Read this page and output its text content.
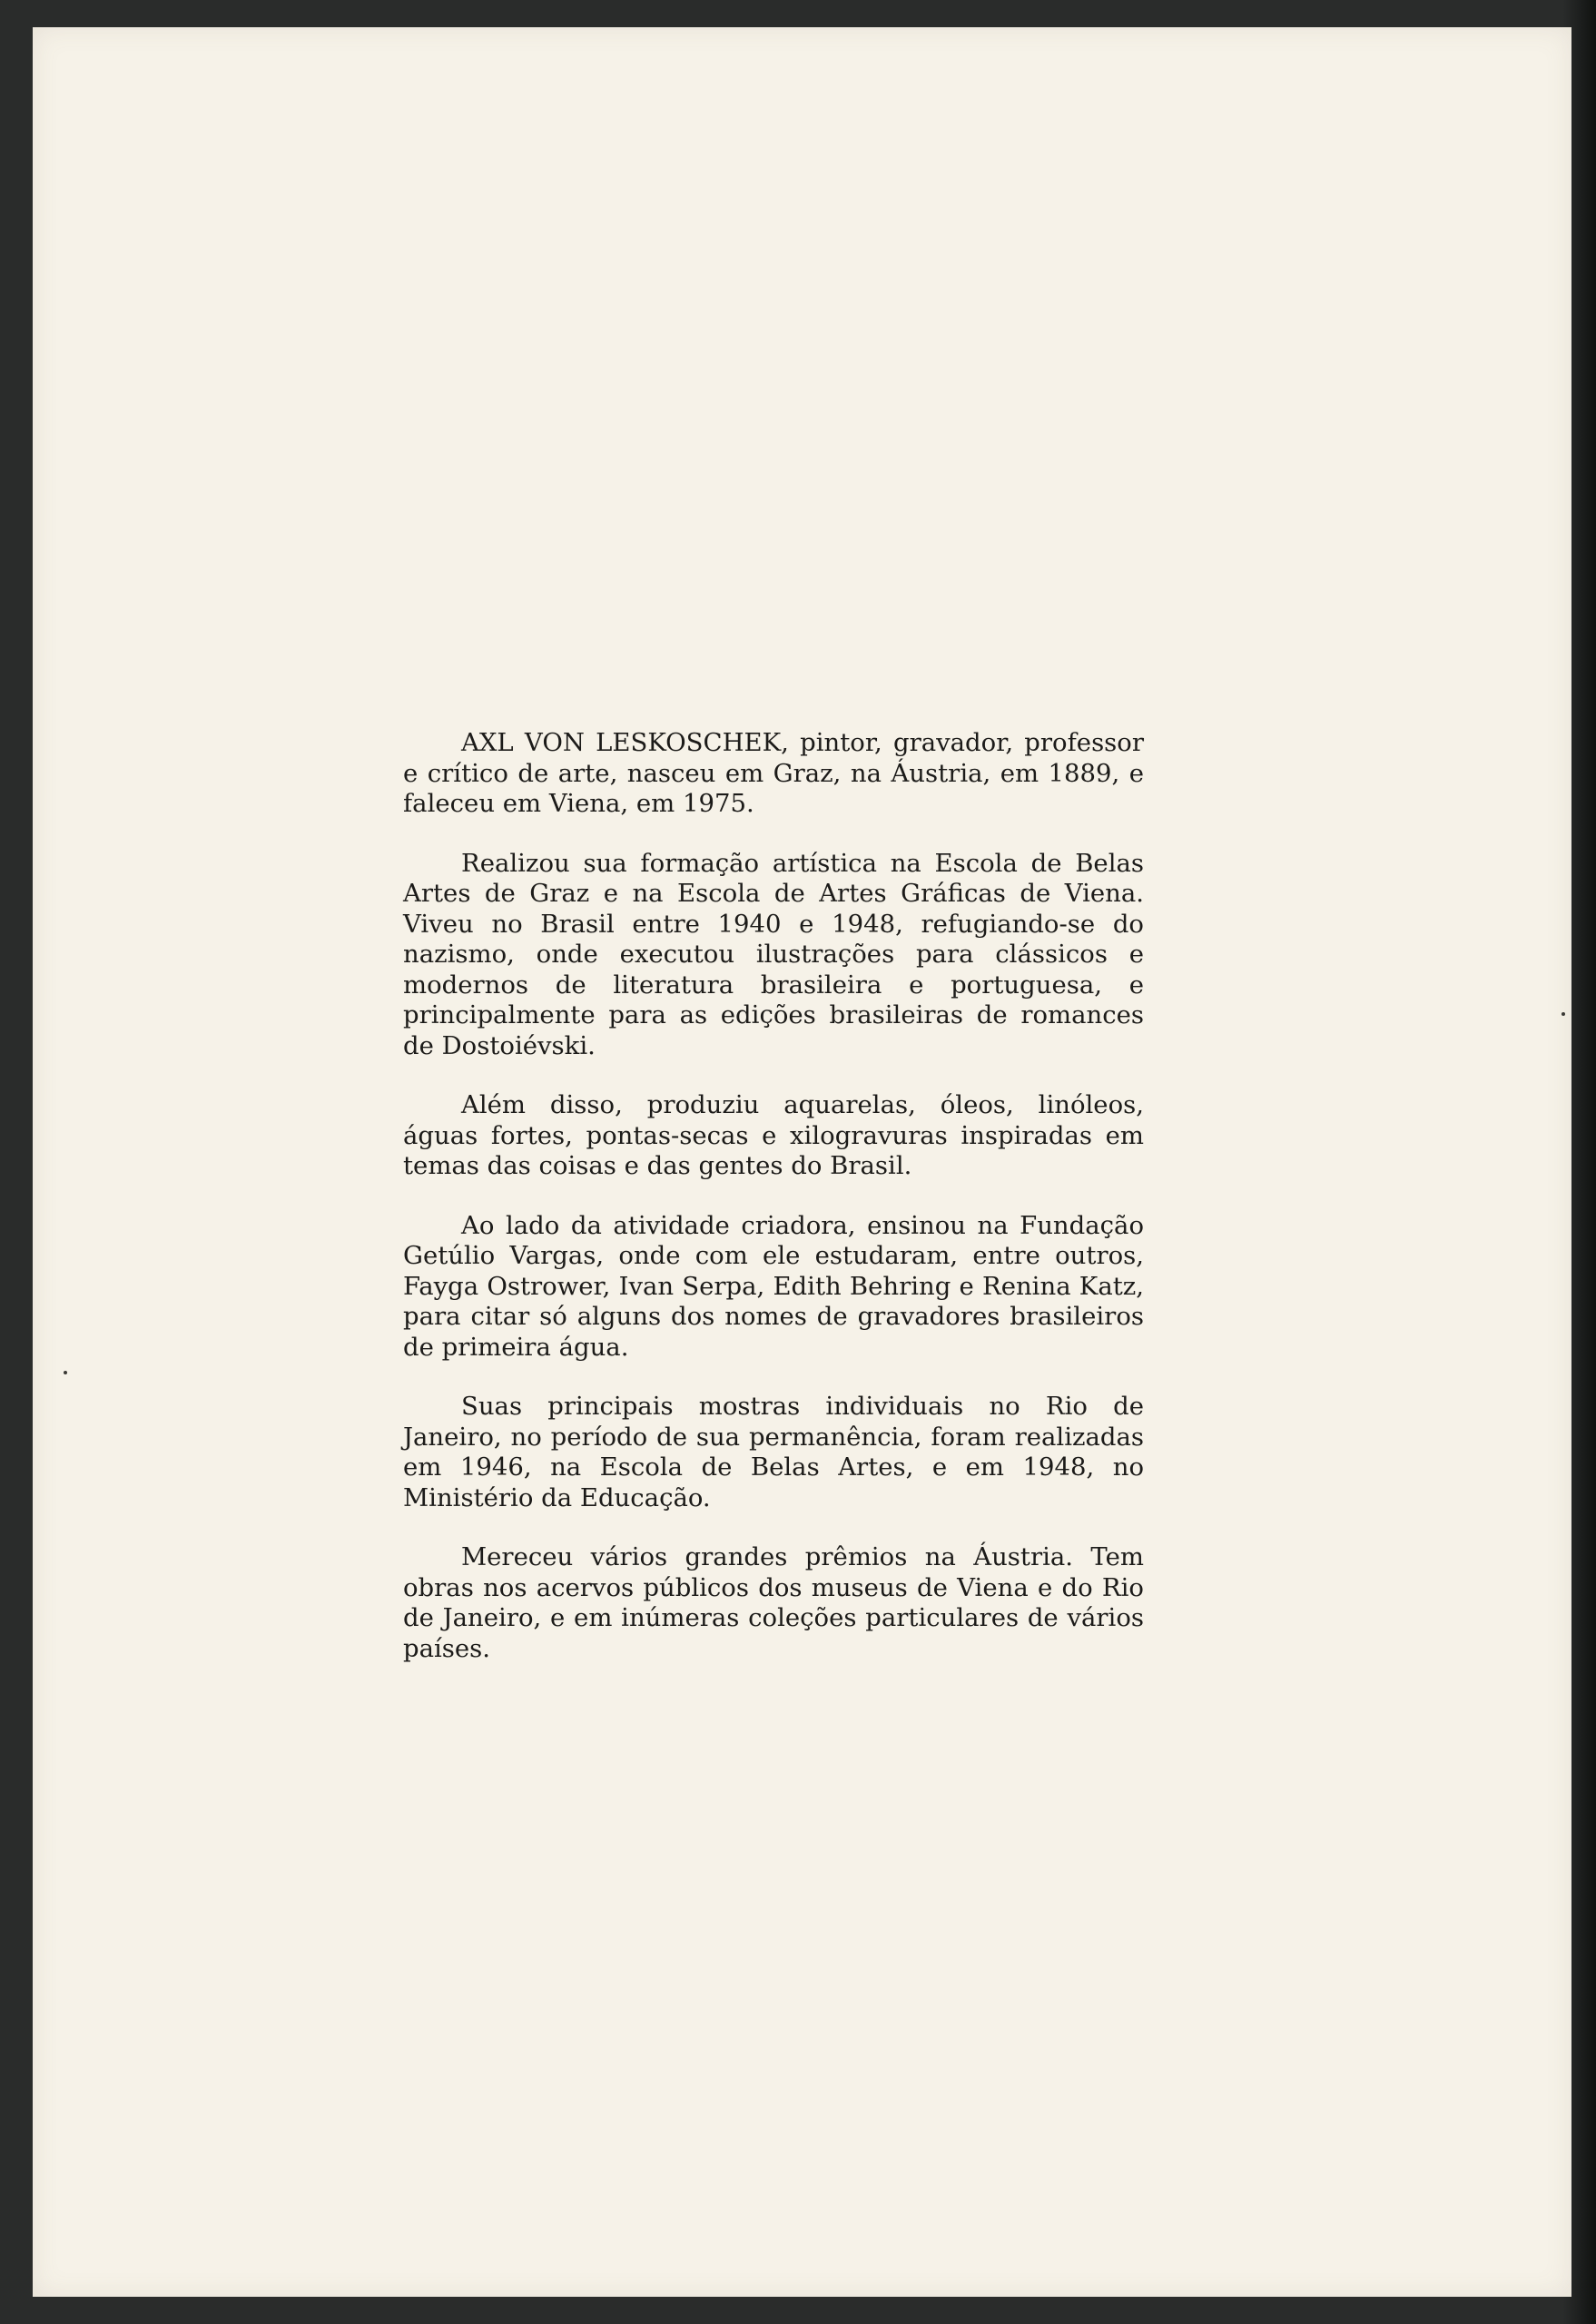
AXL VON LESKOSCHEK, pintor, gravador, professor e crítico de arte, nasceu em Graz, na Áustria, em 1889, e faleceu em Viena, em 1975.

Realizou sua formação artística na Escola de Belas Artes de Graz e na Escola de Artes Gráficas de Viena. Viveu no Brasil entre 1940 e 1948, refugiando-se do nazismo, onde executou ilustrações para clássicos e modernos de literatura brasileira e portuguesa, e principalmente para as edições brasileiras de romances de Dostoiévski.

Além disso, produziu aquarelas, óleos, linóleos, águas fortes, pontas-secas e xilogravuras inspiradas em temas das coisas e das gentes do Brasil.

Ao lado da atividade criadora, ensinou na Fundação Getúlio Vargas, onde com ele estudaram, entre outros, Fayga Ostrower, Ivan Serpa, Edith Behring e Renina Katz, para citar só alguns dos nomes de gravadores brasileiros de primeira água.

Suas principais mostras individuais no Rio de Janeiro, no período de sua permanência, foram realizadas em 1946, na Escola de Belas Artes, e em 1948, no Ministério da Educação.

Mereceu vários grandes prêmios na Áustria. Tem obras nos acervos públicos dos museus de Viena e do Rio de Janeiro, e em inúmeras coleções particulares de vários países.
